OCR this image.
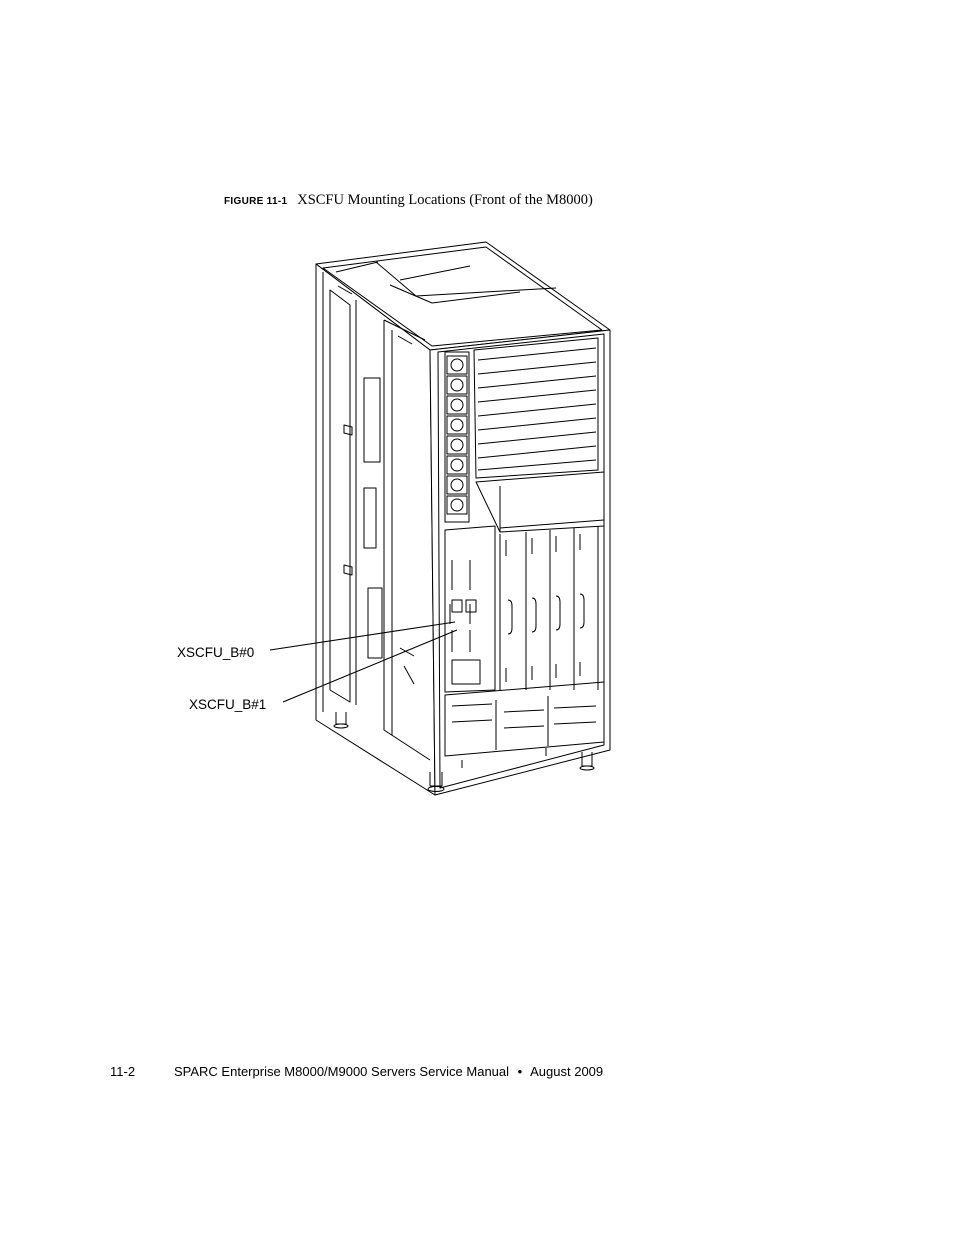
FIGURE 11-1 XSCFU Mounting Locations (Front of the M8000)
XSCFU_B#0
XSCFU_B#1
11-2	SPARC Enterprise M8000/M9000 Servers Service Manual • August 2009
